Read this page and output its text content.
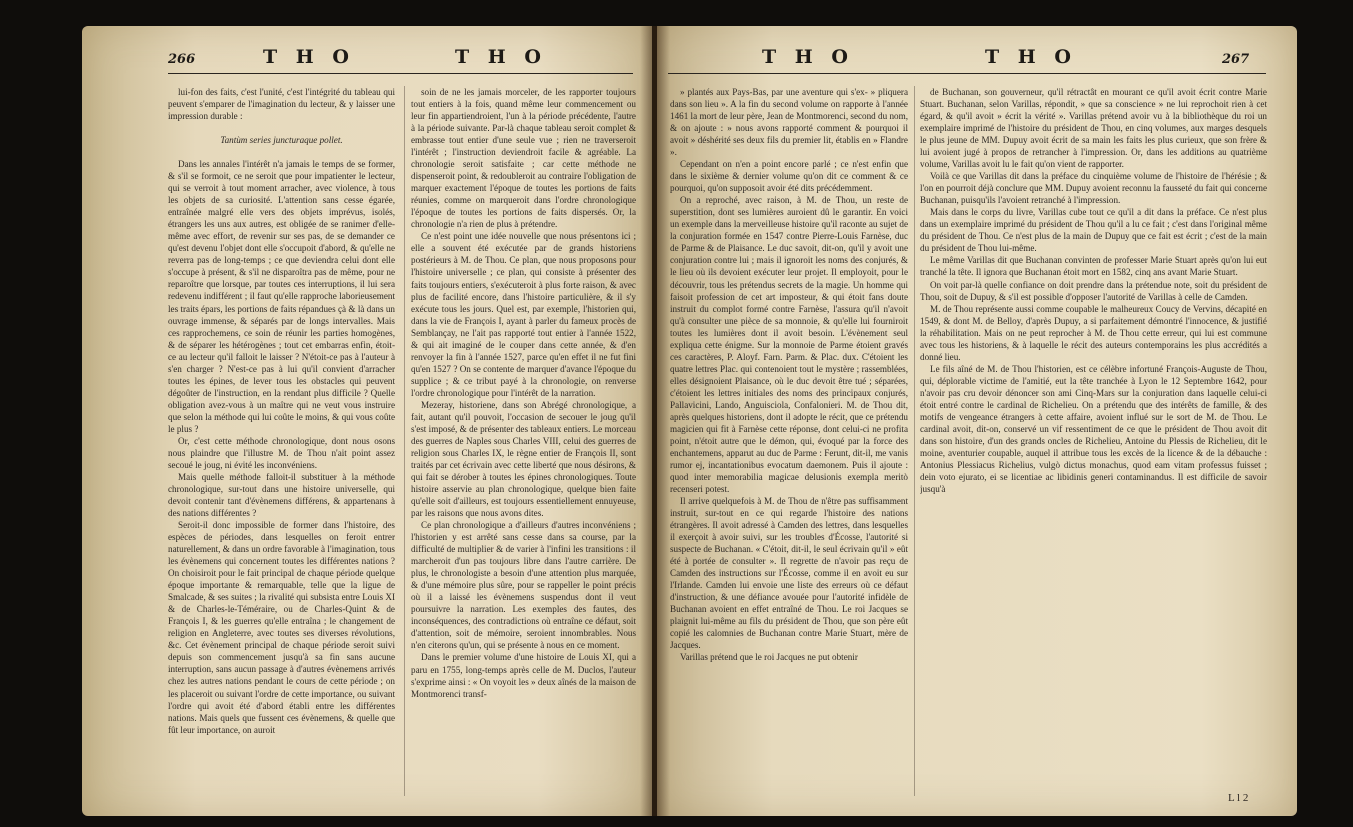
266	T H O	T H O	T H O	T H O	267

lui-fon des faits, c'est l'unité, c'est l'intégrité du tableau qui peuvent s'emparer de l'imagination du lecteur, & y laisser une impression durable :

Tantùm series juncturaque pollet.

Dans les annales l'intérêt n'a jamais le temps de se former, & s'il se formoit, ce ne seroit que pour impatienter le lecteur, qui se verroit à tout moment arracher, avec violence, à tous les objets de sa curiosité. L'attention sans cesse égarée, entraînée malgré elle vers des objets imprévus, isolés, étrangers les uns aux autres, est obligée de se ranimer d'elle-même avec effort, de revenir sur ses pas, de se demander ce qu'est devenu l'objet dont elle s'occupoit d'abord, & qu'elle ne reverra pas de long-temps ; ce que deviendra celui dont elle s'occupe à présent, & s'il ne disparoîtra pas de même, pour ne reparoître que lorsque, par toutes ces interruptions, il lui sera redevenu indifférent ; il faut qu'elle rapproche laborieusement les traits épars, les portions de faits répandues çà & là dans un ouvrage immense, & séparés par de longs intervalles. Mais ces rapprochemens, ce soin de réunir les parties homogènes, & de séparer les hétérogènes ; tout cet embarras enfin, étoit-ce au lecteur qu'il falloit le laisser ? N'étoit-ce pas à l'auteur à s'en charger ? N'est-ce pas à lui qu'il convient d'arracher toutes les épines, de lever tous les obstacles qui peuvent dégoûter de l'instruction, en la rendant plus difficile ? Quelle obligation avez-vous à un maître qui ne veut vous instruire que selon la méthode qui lui coûte le moins, & qui vous coûte le plus ?

Or, c'est cette méthode chronologique, dont nous osons nous plaindre que l'illustre M. de Thou n'ait point assez secoué le joug, ni évité les inconvéniens.

Mais quelle méthode falloit-il substituer à la méthode chronologique, sur-tout dans une histoire universelle, qui devoit contenir tant d'évènemens différens, & appartenans à des nations différentes ?

Seroit-il donc impossible de former dans l'histoire, des espèces de périodes, dans lesquelles on feroit entrer naturellement, & dans un ordre favorable à l'imagination, tous les évènemens qui concernent toutes les différentes nations ? On choisiroit pour le fait principal de chaque période quelque époque importante & remarquable, telle que la ligue de Smalcade, & ses suites ; la rivalité qui subsista entre Louis XI & de Charles-le-Téméraire, ou de Charles-Quint & de François I, & les guerres qu'elle entraîna ; le changement de religion en Angleterre, avec toutes ses diverses révolutions, &c. Cet évènement principal de chaque période seroit suivi depuis son commencement jusqu'à sa fin sans aucune interruption, sans aucun passage à d'autres évènemens arrivés chez les autres nations pendant le cours de cette période ; on les placeroit ou suivant l'ordre de cette importance, ou suivant l'ordre qui avoit été d'abord établi entre les différentes nations. Mais quels que fussent ces évènemens, & quelle que fût leur importance, on auroit

soin de ne les jamais morceler, de les rapporter toujours tout entiers à la fois, quand même leur commencement ou leur fin appartiendroient, l'un à la période précédente, l'autre à la période suivante. Par-là chaque tableau seroit complet & embrasse tout entier d'une seule vue ; rien ne traverseroit l'intérêt ; l'instruction deviendroit facile & agréable. La chronologie seroit satisfaite ; car cette méthode ne dispenseroit point, & redoubleroit au contraire l'obligation de marquer exactement l'époque de toutes les portions de faits réunies, comme on marqueroit dans l'ordre chronologique l'époque de toutes les portions de faits dispersés. Or, la chronologie n'a rien de plus à prétendre.

Ce n'est point une idée nouvelle que nous présentons ici ; elle a souvent été exécutée par de grands historiens postérieurs à M. de Thou. Ce plan, que nous proposons pour l'histoire universelle ; ce plan, qui consiste à présenter des faits toujours entiers, s'exécuteroit à plus forte raison, & avec plus de facilité encore, dans l'histoire particulière, & il s'y exécute tous les jours. Quel est, par exemple, l'historien qui, dans la vie de François I, ayant à parler du fameux procès de Semblançay, ne l'ait pas rapporté tout entier à l'année 1522, & qui ait imaginé de le couper dans cette année, & d'en renvoyer la fin à l'année 1527, parce qu'en effet il ne fut fini qu'en 1527 ? On se contente de marquer d'avance l'époque du supplice ; & ce tribut payé à la chronologie, on renverse l'ordre chronologique pour l'intérêt de la narration.

Mezeray, historiene, dans son Abrégé chronologique, a fait, autant qu'il pouvoit, l'occasion de secouer le joug qu'il s'est imposé, & de présenter des tableaux entiers. Le morceau des guerres de Naples sous Charles VIII, celui des guerres de religion sous Charles IX, le règne entier de François II, sont traités par cet écrivain avec cette liberté que nous désirons, & qui fait se dérober à toutes les épines chronologiques. Toute histoire asservie au plan chronologique, quelque bien faite qu'elle soit d'ailleurs, est toujours essentiellement ennuyeuse, par les raisons que nous avons dites.

Ce plan chronologique a d'ailleurs d'autres inconvéniens ; l'historien y est arrêté sans cesse dans sa course, par la difficulté de multiplier & de varier à l'infini les transitions : il marcheroit d'un pas toujours libre dans l'autre carrière. De plus, le chronologiste a besoin d'une attention plus marquée, & d'une mémoire plus sûre, pour se rappeller le point précis où il a laissé les évènemens suspendus dont il veut poursuivre la narration. Les exemples des fautes, des inconséquences, des contradictions où entraîne ce défaut, soit d'attention, soit de mémoire, seroient innombrables. Nous n'en citerons qu'un, qui se présente à nous en ce moment.

Dans le premier volume d'une histoire de Louis XI, qui a paru en 1755, long-temps après celle de M. Duclos, l'auteur s'exprime ainsi : « On voyoit les » deux aînés de la maison de Montmorenci transf-

» plantés aux Pays-Bas, par une aventure qui s'ex- » pliquera dans son lieu ». A la fin du second volume on rapporte à l'année 1461 la mort de leur père, Jean de Montmorenci, second du nom, & on ajoute : » nous avons rapporté comment & pourquoi il avoit » déshérité ses deux fils du premier lit, établis en » Flandre ».

Cependant on n'en a point encore parlé ; ce n'est enfin que dans le sixième & dernier volume qu'on dit ce comment & ce pourquoi, qu'on supposoit avoir été dits précédemment.

On a reproché, avec raison, à M. de Thou, un reste de superstition, dont ses lumières auroient dû le garantir. En voici un exemple dans la merveilleuse histoire qu'il raconte au sujet de la conjuration formée en 1547 contre Pierre-Louis Farnèse, duc de Parme & de Plaisance. Le duc savoit, dit-on, qu'il y avoit une conjuration contre lui ; mais il ignoroit les noms des conjurés, & le lieu où ils devoient exécuter leur projet. Il employoit, pour le découvrir, tous les prétendus secrets de la magie. Un homme qui faisoit profession de cet art imposteur, & qui étoit fans doute instruit du complot formé contre Farnèse, l'assura qu'il n'avoit qu'à consulter une pièce de sa monnoie, & qu'elle lui fourniroit toutes les lumières dont il avoit besoin. L'évènement seul expliqua cette énigme. Sur la monnoie de Parme étoient gravés ces caractères, P. Aloyf. Farn. Parm. & Plac. dux. C'étoient les quatre lettres Plac. qui contenoient tout le mystère ; rassemblées, elles désignoient Plaisance, où le duc devoit être tué ; séparées, c'étoient les lettres initiales des noms des principaux conjurés, Pallavicini, Lando, Anguisciola, Confalonieri. M. de Thou dit, après quelques historiens, dont il adopte le récit, que ce prétendu magicien qui fit à Farnèse cette réponse, dont celui-ci ne profita point, n'étoit autre que le démon, qui, évoqué par la force des enchantemens, apparut au duc de Parme : Ferunt, dit-il, me vanis rumor ej, incantationibus evocatum daemonem. Puis il ajoute : quod inter memorabilia magicae delusionis exempla meritò recenseri potest.

Il arrive quelquefois à M. de Thou de n'être pas suffisamment instruit, sur-tout en ce qui regarde l'histoire des nations étrangères. Il avoit adressé à Camden des lettres, dans lesquelles il exerçoit à avoir suivi, sur les troubles d'Écosse, l'autorité si suspecte de Buchanan. « C'étoit, dit-il, le seul écrivain qu'il » eût été à portée de consulter ». Il regrette de n'avoir pas reçu de Camden des instructions sur l'Écosse, comme il en avoit eu sur l'Irlande. Camden lui envoie une liste des erreurs où ce défaut d'instruction, & une défiance avouée pour l'autorité infidèle de Buchanan avoient en effet entraîné de Thou. Le roi Jacques se plaignit lui-même au fils du président de Thou, que son père eût copié les calomnies de Buchanan contre Marie Stuart, mère de Jacques.

Varillas prétend que le roi Jacques ne put obtenir

de Buchanan, son gouverneur, qu'il rétractât en mourant ce qu'il avoit écrit contre Marie Stuart. Buchanan, selon Varillas, répondit, » que sa conscience » ne lui reprochoit rien à cet égard, & qu'il avoit » écrit la vérité ». Varillas prétend avoir vu à la bibliothèque du roi un exemplaire imprimé de l'histoire du président de Thou, en cinq volumes, aux marges desquels le plus jeune de MM. Dupuy avoit écrit de sa main les faits les plus curieux, que son frère & lui avoient jugé à propos de retrancher à l'impression. Or, dans les additions au quatrième volume, Varillas avoit lu le fait qu'on vient de rapporter.

Voilà ce que Varillas dit dans la préface du cinquième volume de l'histoire de l'hérésie ; & l'on en pourroit déjà conclure que MM. Dupuy avoient reconnu la fausseté du fait qui concerne Buchanan, puisqu'ils l'avoient retranché à l'impression.

Mais dans le corps du livre, Varillas cube tout ce qu'il a dit dans la préface. Ce n'est plus dans un exemplaire imprimé du président de Thou qu'il a lu ce fait ; c'est dans l'original même du président de Thou. Ce n'est plus de la main de Dupuy que ce fait est écrit ; c'est de la main du président de Thou lui-même.

Le même Varillas dit que Buchanan convinten de professer Marie Stuart après qu'on lui eut tranché la tête. Il ignora que Buchanan étoit mort en 1582, cinq ans avant Marie Stuart.

On voit par-là quelle confiance on doit prendre dans la prétendue note, soit du président de Thou, soit de Dupuy, & s'il est possible d'opposer l'autorité de Varillas à celle de Camden.

M. de Thou représente aussi comme coupable le malheureux Coucy de Vervins, décapité en 1549, & dont M. de Belloy, d'après Dupuy, a si parfaitement démontré l'innocence, & justifié la réhabilitation. Mais on ne peut reprocher à M. de Thou cette erreur, qui lui est commune avec tous les historiens, & à laquelle le récit des auteurs contemporains les plus accrédités a donné lieu.

Le fils aîné de M. de Thou l'historien, est ce célèbre infortuné François-Auguste de Thou, qui, déplorable victime de l'amitié, eut la tête tranchée à Lyon le 12 Septembre 1642, pour n'avoir pas cru devoir dénoncer son ami Cinq-Mars sur la conjuration dans laquelle celui-ci étoit entré contre le cardinal de Richelieu. On a prétendu que des intérêts de famille, & des motifs de vengeance étrangers à cette affaire, avoient influé sur le sort de M. de Thou. Le cardinal avoit, dit-on, conservé un vif ressentiment de ce que le président de Thou avoit dit dans son histoire, d'un des grands oncles de Richelieu, Antoine du Plessis de Richelieu, dit le moine, aventurier coupable, auquel il attribue tous les excès de la licence & de la débauche : Antonius Plessiacus Richelius, vulgò dictus monachus, quod eam vitam professus fuisset ; dein voto ejurato, ei se licentiae ac libidinis generi contaminandus. Il est difficile de savoir jusqu'à

L l 2
